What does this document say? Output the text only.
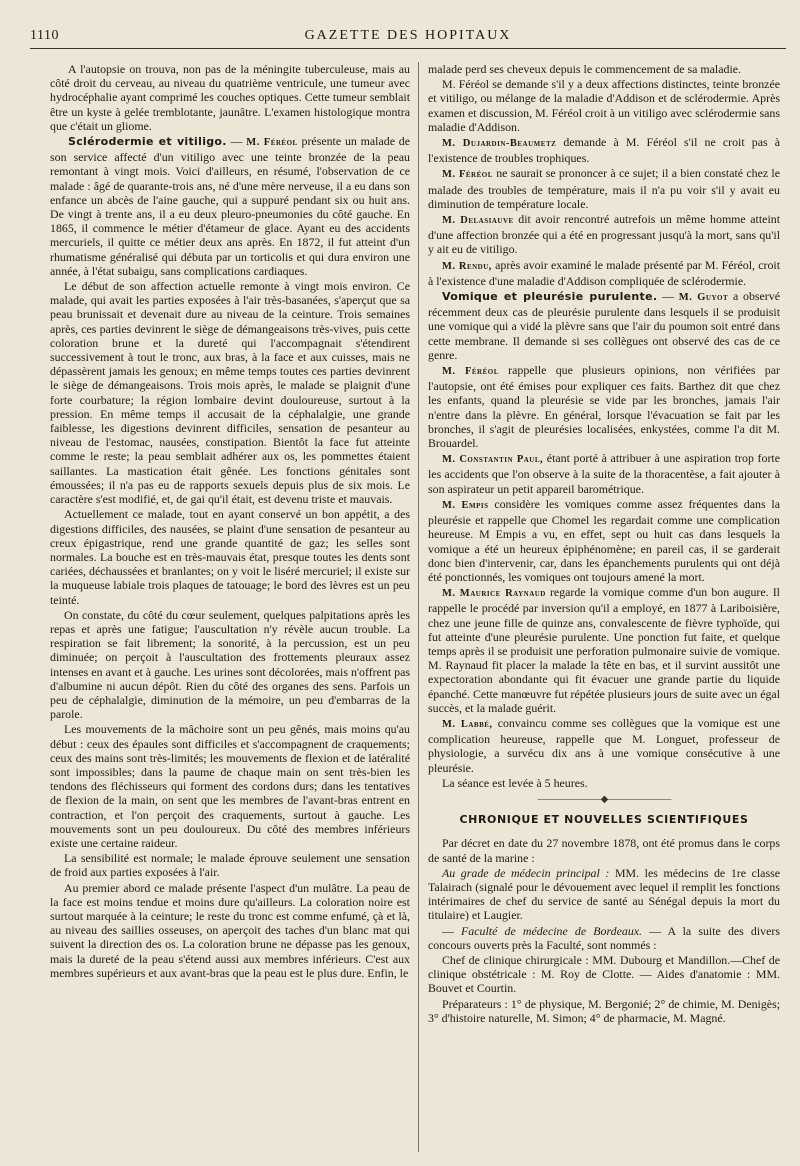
1110	GAZETTE DES HOPITAUX

A l'autopsie on trouva, non pas de la méningite tuberculeuse, mais au côté droit du cerveau, au niveau du quatrième ventricule, une tumeur avec hydrocéphalie ayant comprimé les couches optiques. Cette tumeur semblait être un kyste à gelée tremblotante, jaunâtre. L'examen histologique montra que c'était un gliome.

Sclérodermie et vitiligo. — M. Féréol présente un malade de son service affecté d'un vitiligo avec une teinte bronzée de la peau remontant à vingt mois. Voici d'ailleurs, en résumé, l'observation de ce malade : âgé de quarante-trois ans, né d'une mère nerveuse, il a eu dans son enfance un abcès de l'aine gauche, qui a suppuré pendant six ou huit ans. De vingt à trente ans, il a eu deux pleuro-pneumonies du côté gauche. En 1865, il commence le métier d'étameur de glace. Ayant eu des accidents mercuriels, il quitte ce métier deux ans après. En 1872, il fut atteint d'un rhumatisme généralisé qui débuta par un torticolis et qui dura environ une année, à l'état subaigu, sans complications cardiaques.

Le début de son affection actuelle remonte à vingt mois environ. Ce malade, qui avait les parties exposées à l'air très-basanées, s'aperçut que sa peau brunissait et devenait dure au niveau de la ceinture. Trois semaines après, ces parties devinrent le siège de démangeaisons très-vives, puis cette coloration brune et la dureté qui l'accompagnait s'étendirent successivement à tout le tronc, aux bras, à la face et aux cuisses, mais ne dépassèrent jamais les genoux; en même temps toutes ces parties devinrent le siège de démangeaisons. Trois mois après, le malade se plaignit d'une forte courbature; la région lombaire devint douloureuse, surtout à la pression. En même temps il accusait de la céphalalgie, une grande faiblesse, les digestions devinrent difficiles, sensation de pesanteur au niveau de l'estomac, nausées, constipation. Bientôt la face fut atteinte comme le reste; la peau semblait adhérer aux os, les pommettes étaient saillantes. La mastication était gênée. Les fonctions génitales sont émoussées; il n'a pas eu de rapports sexuels depuis plus de six mois. Le caractère s'est modifié, et, de gai qu'il était, est devenu triste et mauvais.

Actuellement ce malade, tout en ayant conservé un bon appétit, a des digestions difficiles, des nausées, se plaint d'une sensation de pesanteur au creux épigastrique, rend une grande quantité de gaz; les selles sont normales. La bouche est en très-mauvais état, presque toutes les dents sont cariées, déchaussées et branlantes; on y voit le liséré mercuriel; il existe sur la muqueuse labiale trois plaques de tatouage; le bord des lèvres est un peu teinté.

On constate, du côté du cœur seulement, quelques palpitations après les repas et après une fatigue; l'auscultation n'y révèle aucun trouble. La respiration se fait librement; la sonorité, à la percussion, est un peu diminuée; on perçoit à l'auscultation des frottements pleuraux assez intenses en avant et à gauche. Les urines sont décolorées, mais n'offrent pas d'albumine ni aucun dépôt. Rien du côté des organes des sens. Parfois un peu de céphalalgie, diminution de la mémoire, un peu d'embarras de la parole.

Les mouvements de la mâchoire sont un peu gênés, mais moins qu'au début : ceux des épaules sont difficiles et s'accompagnent de craquements; ceux des mains sont très-limités; les mouvements de flexion et de latéralité sont impossibles; dans la paume de chaque main on sent très-bien les tendons des fléchisseurs qui forment des cordons durs; dans les tentatives de flexion de la main, on sent que les membres de l'avant-bras entrent en contraction, et l'on perçoit des craquements, surtout à gauche. Les mouvements sont un peu douloureux. Du côté des membres inférieurs existe une certaine raideur.

La sensibilité est normale; le malade éprouve seulement une sensation de froid aux parties exposées à l'air.

Au premier abord ce malade présente l'aspect d'un mulâtre. La peau de la face est moins tendue et moins dure qu'ailleurs. La coloration noire est surtout marquée à la ceinture; le reste du tronc est comme enfumé, çà et là, au niveau des saillies osseuses, on aperçoit des taches d'un blanc mat qui suivent la direction des os. La coloration brune ne dépasse pas les genoux, mais la dureté de la peau s'étend aussi aux membres inférieurs. C'est aux membres supérieurs et aux avant-bras que la peau est le plus dure. Enfin, le

malade perd ses cheveux depuis le commencement de sa maladie.

M. Féréol se demande s'il y a deux affections distinctes, teinte bronzée et vitiligo, ou mélange de la maladie d'Addison et de sclérodermie. Après examen et discussion, M. Féréol croit à un vitiligo avec sclérodermie sans maladie d'Addison.

M. Dujardin-Beaumetz demande à M. Féréol s'il ne croit pas à l'existence de troubles trophiques.

M. Féréol ne saurait se prononcer à ce sujet; il a bien constaté chez le malade des troubles de température, mais il n'a pu voir s'il y avait eu diminution de température locale.

M. Delasiauve dit avoir rencontré autrefois un même homme atteint d'une affection bronzée qui a été en progressant jusqu'à la mort, sans qu'il y ait eu de vitiligo.

M. Rendu, après avoir examiné le malade présenté par M. Féréol, croit à l'existence d'une maladie d'Addison compliquée de sclérodermie.

Vomique et pleurésie purulente. — M. Guyot a observé récemment deux cas de pleurésie purulente dans lesquels il se produisit une vomique qui a vidé la plèvre sans que l'air du poumon soit entré dans cette membrane. Il demande si ses collègues ont observé des cas de ce genre.

M. Féréol rappelle que plusieurs opinions, non vérifiées par l'autopsie, ont été émises pour expliquer ces faits. Barthez dit que chez les enfants, quand la pleurésie se vide par les bronches, jamais l'air n'entre dans la plèvre. En général, lorsque l'évacuation se fait par les bronches, il s'agit de pleurésies localisées, enkystées, comme l'a dit M. Brouardel.

M. Constantin Paul, étant porté à attribuer à une aspiration trop forte les accidents que l'on observe à la suite de la thoracentèse, a fait ajouter à son aspirateur un petit appareil barométrique.

M. Empis considère les vomiques comme assez fréquentes dans la pleurésie et rappelle que Chomel les regardait comme une complication heureuse. M Empis a vu, en effet, sept ou huit cas dans lesquels la vomique a été un heureux épiphénomène; en pareil cas, il se garderait donc bien d'intervenir, car, dans les épanchements purulents qui ont déjà été ponctionnés, les vomiques ont toujours amené la mort.

M. Maurice Raynaud regarde la vomique comme d'un bon augure. Il rappelle le procédé par inversion qu'il a employé, en 1877 à Lariboisière, chez une jeune fille de quinze ans, convalescente de fièvre typhoïde, qui fut atteinte d'une pleurésie purulente. Une ponction fut faite, et quelque temps après il se produisit une perforation pulmonaire suivie de vomique. M. Raynaud fit placer la malade la tête en bas, et il survint aussitôt une expectoration abondante qui fit évacuer une grande partie du liquide épanché. Cette manœuvre fut répétée plusieurs jours de suite avec un égal succès, et la malade guérit.

M. Labbé, convaincu comme ses collègues que la vomique est une complication heureuse, rappelle que M. Longuet, professeur de physiologie, a survécu dix ans à une vomique consécutive à une pleurésie.

La séance est levée à 5 heures.

———————◆———————
CHRONIQUE ET NOUVELLES SCIENTIFIQUES

Par décret en date du 27 novembre 1878, ont été promus dans le corps de santé de la marine :

Au grade de médecin principal : MM. les médecins de 1re classe Talairach (signalé pour le dévouement avec lequel il remplit les fonctions intérimaires de chef du service de santé au Sénégal depuis la mort du titulaire) et Laugier.

— Faculté de médecine de Bordeaux. — A la suite des divers concours ouverts près la Faculté, sont nommés :

Chef de clinique chirurgicale : MM. Dubourg et Mandillon.—Chef de clinique obstétricale : M. Roy de Clotte. — Aides d'anatomie : MM. Bouvet et Courtin.

Préparateurs : 1° de physique, M. Bergonié; 2° de chimie, M. Denigès; 3° d'histoire naturelle, M. Simon; 4° de pharmacie, M. Magné.
